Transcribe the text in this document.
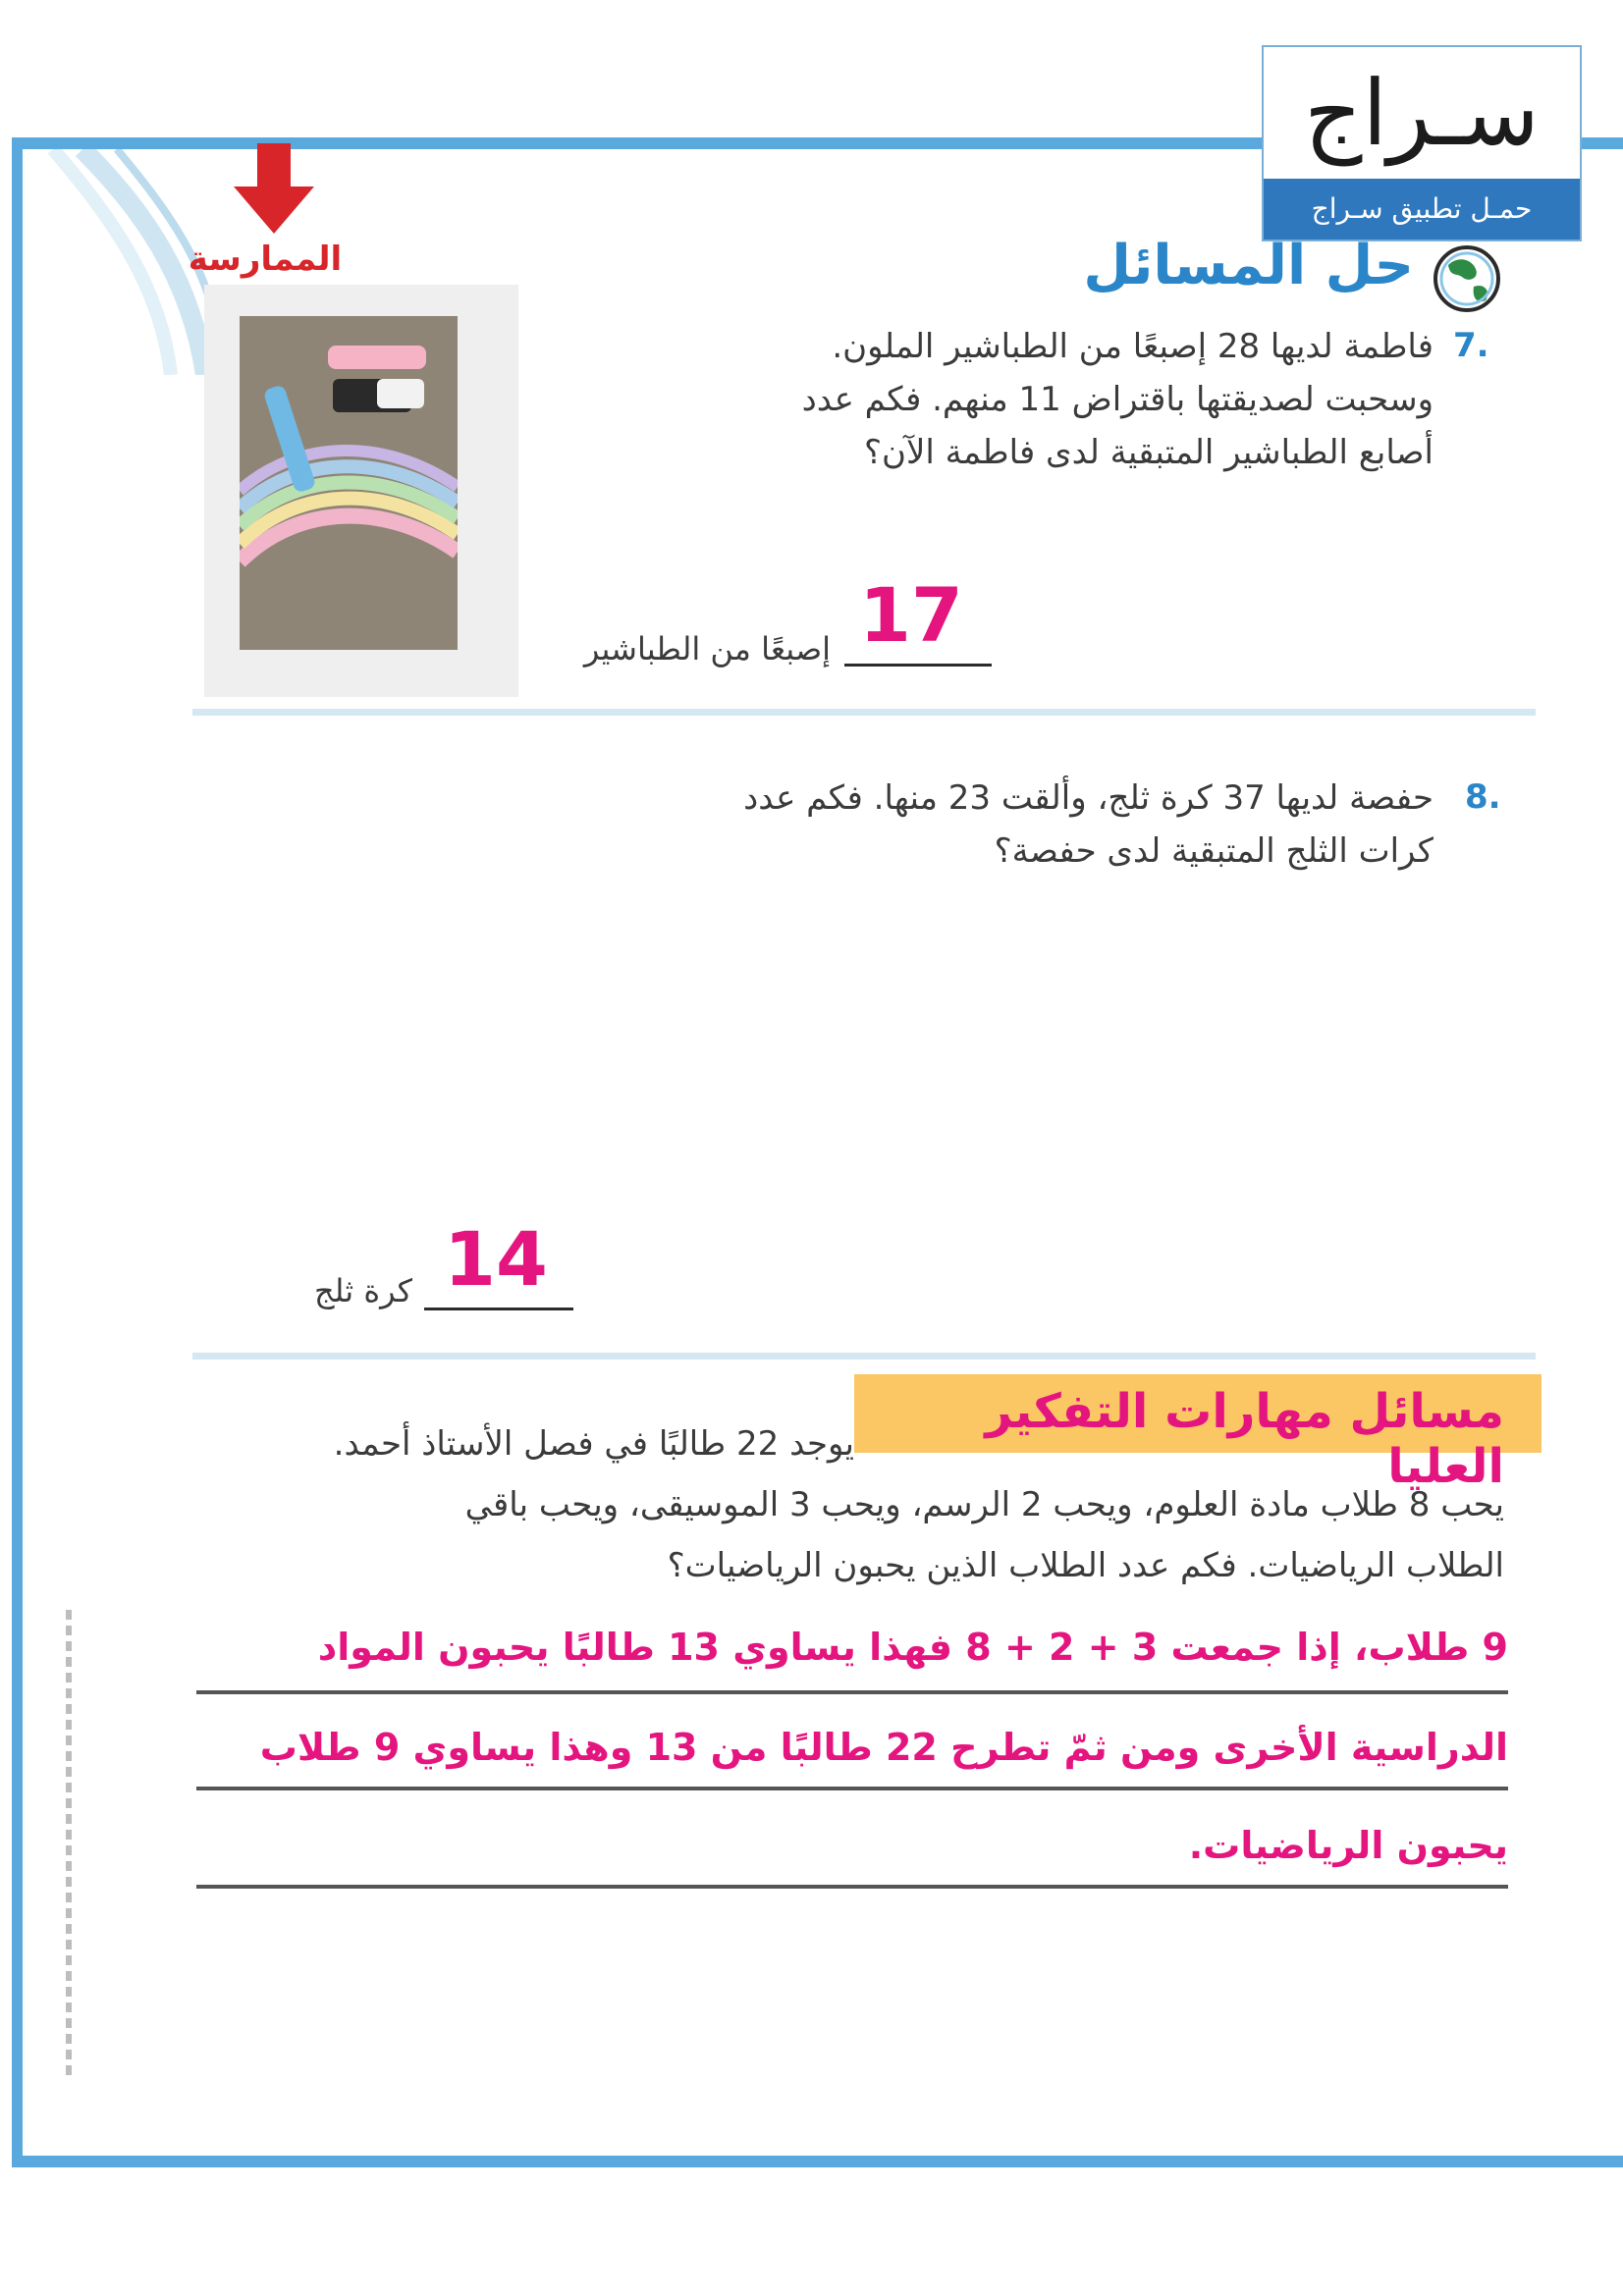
سـراج
حمـل تطبيق سـراج
الممارسة	حل المسائل
7.
فاطمة لديها 28 إصبعًا من الطباشير الملون.
وسحبت لصديقتها باقتراض 11 منهم. فكم عدد
أصابع الطباشير المتبقية لدى فاطمة الآن؟
17
إصبعًا من الطباشير
8.
حفصة لديها 37 كرة ثلج، وألقت 23 منها. فكم عدد
كرات الثلج المتبقية لدى حفصة؟
14
كرة ثلج
مسائل مهارات التفكير العليا
يوجد 22 طالبًا في فصل الأستاذ أحمد.
يحب 8 طلاب مادة العلوم، ويحب 2 الرسم، ويحب 3 الموسيقى، ويحب باقي
الطلاب الرياضيات. فكم عدد الطلاب الذين يحبون الرياضيات؟
9 طلاب، إذا جمعت 3 + 2 + 8 فهذا يساوي 13 طالبًا يحبون المواد
الدراسية الأخرى ومن ثمّ تطرح 22 طالبًا من 13 وهذا يساوي 9 طلاب
يحبون الرياضيات.
